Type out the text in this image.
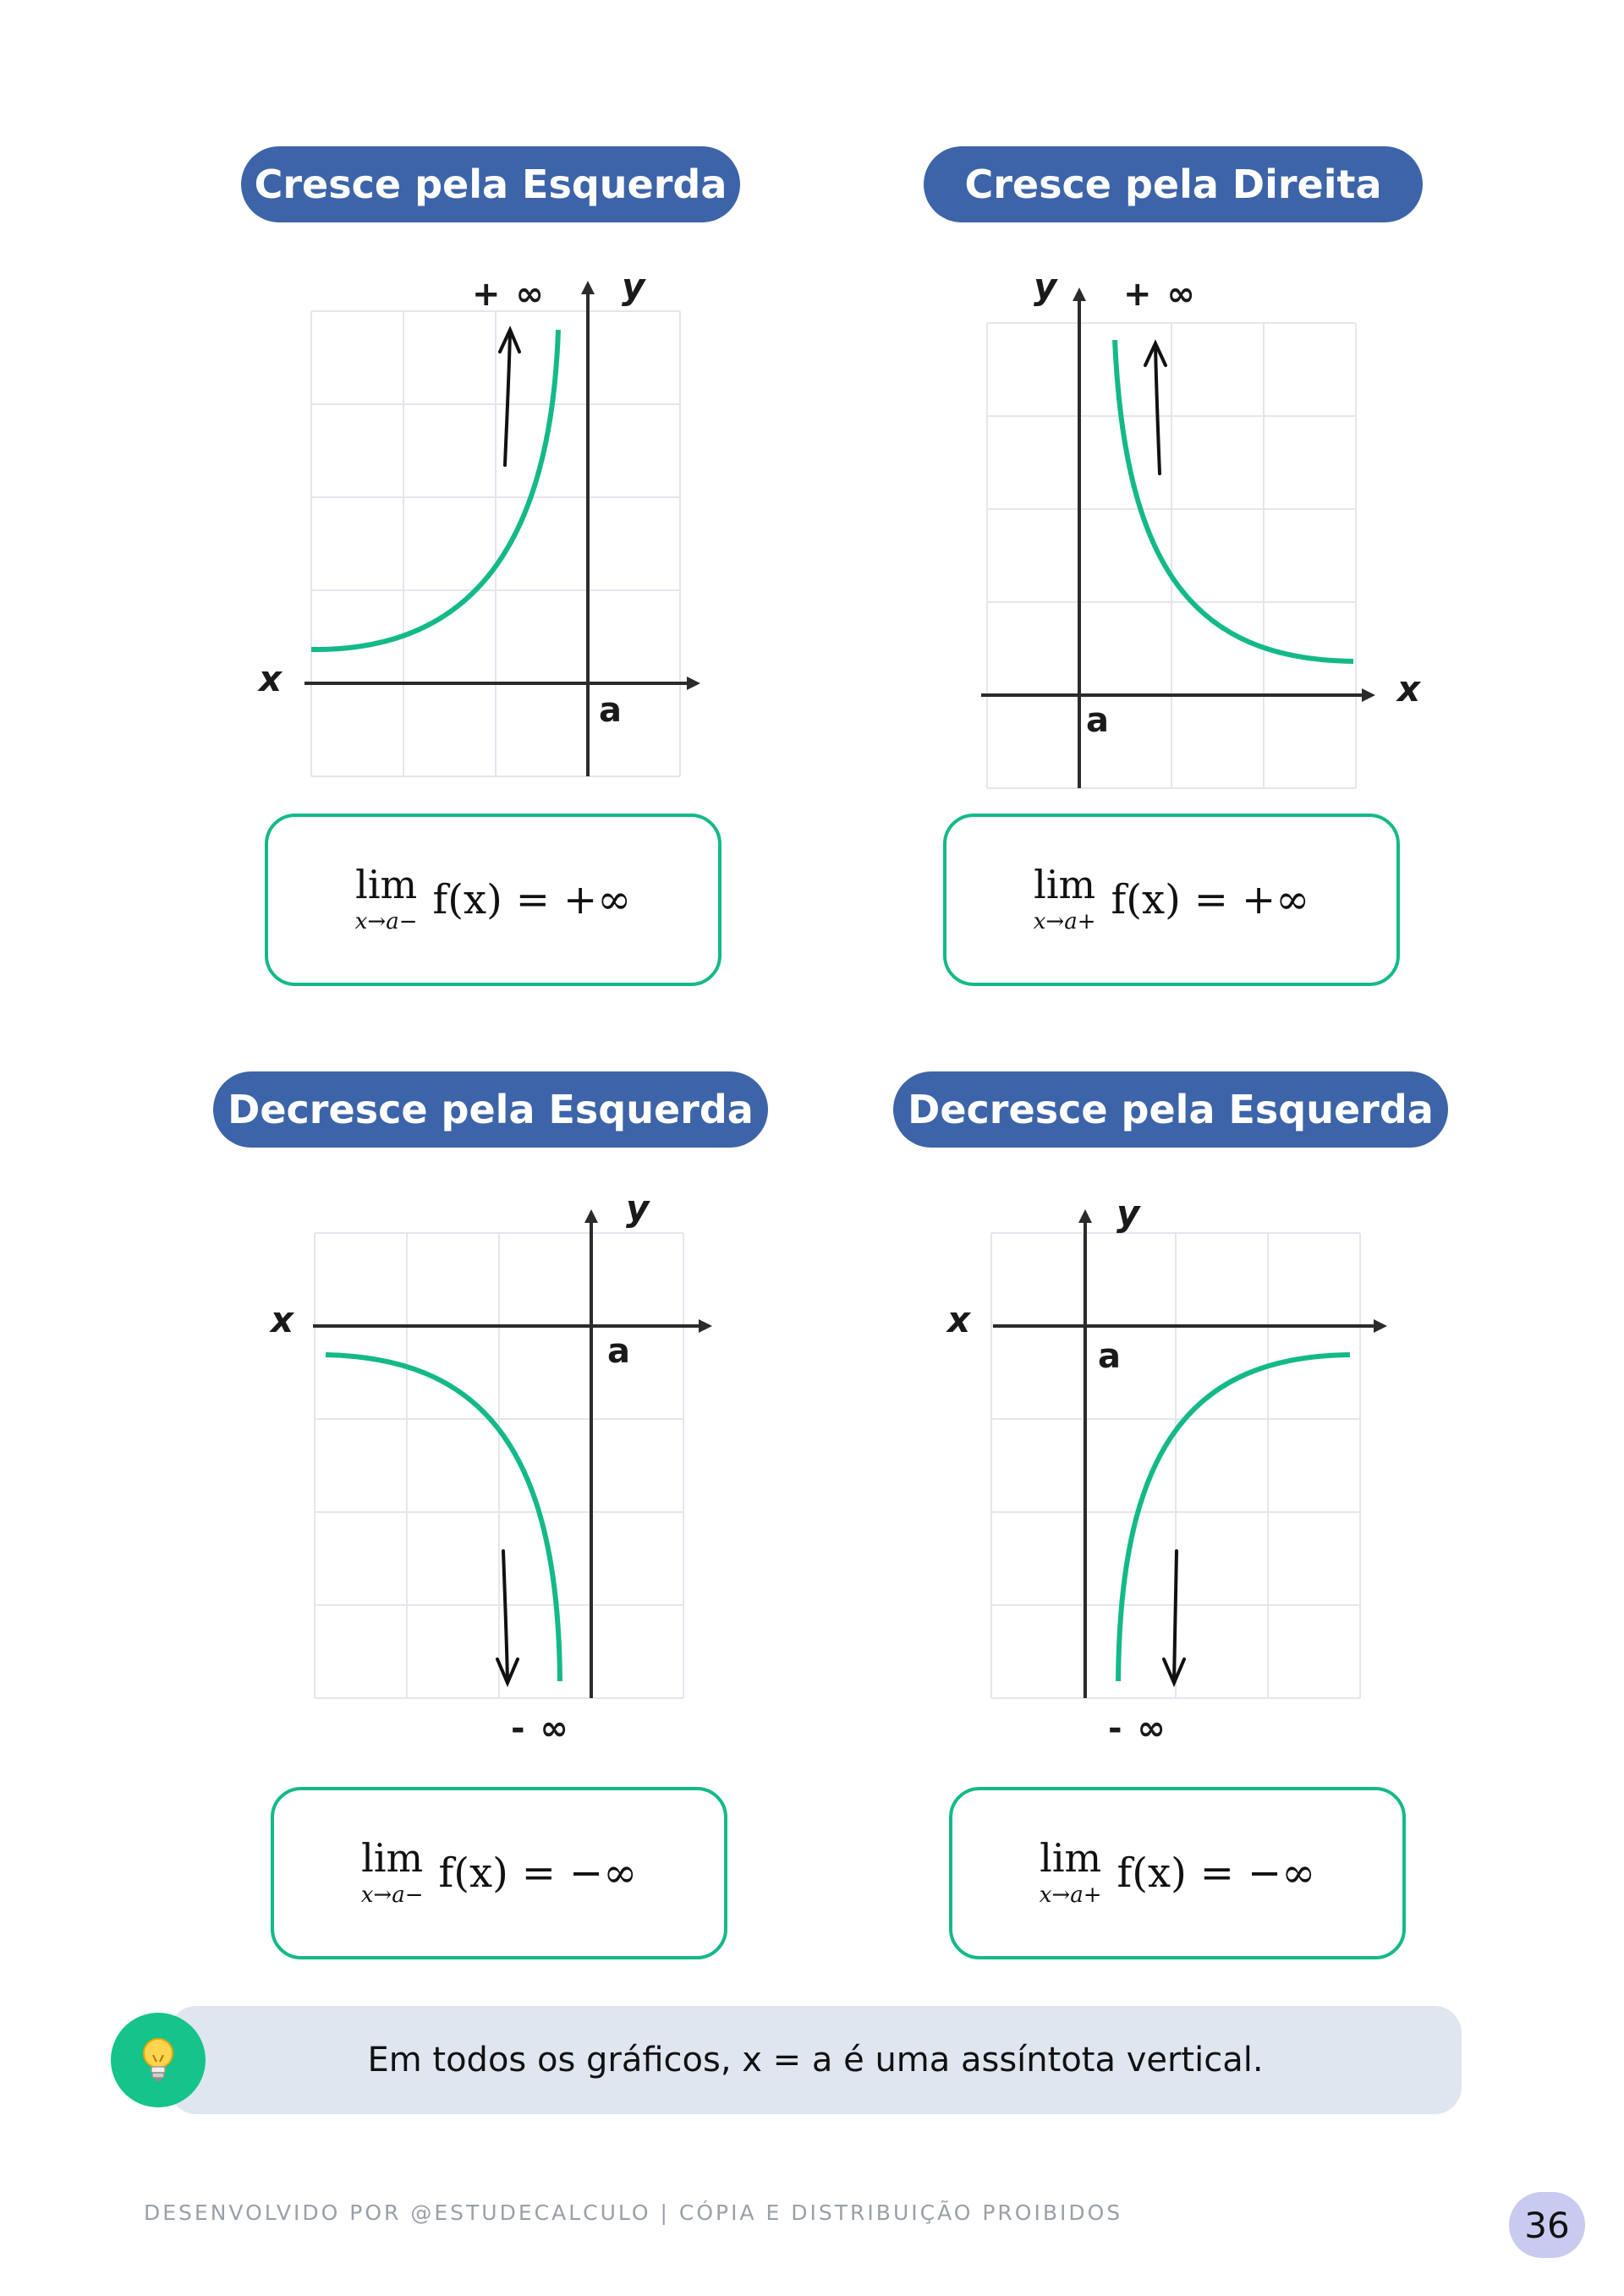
Cresce pela Esquerda
x
y
a
+ ∞
lim
x→a− f(x) = +∞
Cresce pela Direita
x
y
a
+ ∞
lim
x→a+ f(x) = +∞
Decresce pela Esquerda
x
y
a
- ∞
lim
x→a− f(x) = −∞
Decresce pela Esquerda
x
y
a
- ∞
lim
x→a+ f(x) = −∞
Em todos os gráficos, x = a é uma assíntota vertical.
DESENVOLVIDO POR @ESTUDECALCULO | CÓPIA E DISTRIBUIÇÃO PROIBIDOS	36
